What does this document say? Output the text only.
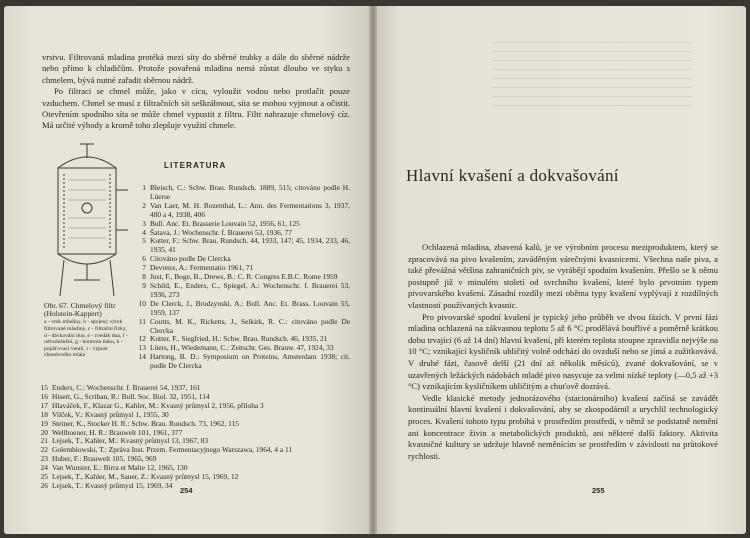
vrstvu. Filtrovaná mladina protéká mezi síty do sběrné trubky a dále do sběrné nádrže nebo přímo k chladičům. Protože povařená mladina nemá zůstat dlouho ve styku s chmelem, bývá nutné zařadit sběrnou nádrž.

Po filtraci se chmel může, jako v cícu, vyloužit vodou nebo protlačit pouze vzduchem. Chmel se musí z filtračních sít seškrábnout, síta se mohou vyjmout a očistit. Otevřením spodního síta se může chmel vypustit z filtru. Filtr nahrazuje chmelový cíz. Má určité výhody a kromě toho zlepšuje využití chmele.

Obr. 67. Chmelový filtr (Holstein-Kappert)
a - vtok mladiny, b - spojený výtok filtrované mladiny, c - filtrační řízky, d - dávkování duo, e - zvedák dna, f - odvzdušnění, g - kontrola tlaku, h - pojišťovací ventil, i - výpust chmelového mláta
LITERATURA
1 Bleisch, C.: Schw. Brau. Rundsch. 1889, 515; citováno podle H. Lüerse
2 Van Laer, M. H. Rozenthal, L.: Ann. des Fermentations 3, 1937, 480 a 4, 1938, 406
3 Bull. Anc. Et. Brasserie Louvain 52, 1956, 61, 125
4 Šatava, J.: Wochenschr. f. Brauerei 53, 1936, 77
5 Kutter, F.: Schw. Brau. Rundsch. 44, 1933, 147; 45, 1934, 233, 46, 1935, 41
6 Citováno podle De Clercka
7 Devreux, A.: Fermentatio 1961, 71
8 Just, F., Boge, B., Drews, B.: C. R. Congres E.B.C. Rome 1959
9 Schild, E., Enders, C., Spiegel, A.: Wochenschr. f. Brauerei 53, 1936, 273
10 De Clerck, J., Brudzynski, A.: Bull. Anc. Et. Brass. Louvain 55, 1959, 137
11 Coutts, M. K., Ricketts, J., Selkirk, R. C.: citováno podle De Clercka
12 Kutter, F., Siegfried, H.: Schw. Brau. Rundsch. 46, 1935, 21
13 Lüers, H., Wiedemann, C.: Zeitschr. Ges. Brauw. 47, 1924, 33
14 Hartong, B. D.: Symposium on Proteins, Amsterdam 1938; cit. podle De Clercka
15 Enders, C.: Wochenschr. f. Brauerei 54, 1937, 161
16 Hisert, G., Scriban, R.: Bull. Soc. Biol. 32, 1951, 114
17 Hlaváček, F., Klazar G., Kahler, M.: Kvasný průmysl 2, 1956, příloha 3
18 Vilček, V.: Kvasný průmysl 1, 1955, 30
19 Steiner, K., Stocker H. R.: Schw. Brau. Rundsch. 73, 1962, 115
20 Wellhoener, H. R.: Brauwelt 101, 1961, 377
21 Lejsek, T., Kahler, M.: Kvasný průmysl 13, 1967, 83
22 Golembiowski, T.: Zpráva Inst. Przem. Fermentacyjnego Warszawa, 1964, 4 a 11
23 Huber, F.: Brauwelt 105, 1965, 969
24 Van Wunster, E.: Birra et Malte 12, 1965, 130
25 Lejsek, T., Kahler, M., Sauer, Z.: Kvasný průmysl 15, 1969, 12
26 Lejsek, T.: Kvasný průmysl 15, 1969, 34
254
Hlavní kvašení a dokvašování

Ochlazená mladina, zbavená kalů, je ve výrobním procesu meziproduktem, který se zpracovává na pivo kvašením, zaváděným várečnými kvasnicemi. Všechna naše piva, a také převážná většina zahraničních piv, se vyrábějí spodním kvašením. Přešlo se k němu postupně již v minulém století od svrchního kvašení, které bylo prvotním typem pivovarského kvašení. Zásadní rozdíly mezi oběma typy kvašení vyplývají z rozdílných vlastností používaných kvasnic.

Pro pivovarské spodní kvašení je typický jeho průběh ve dvou fázích. V první fázi mladina ochlazená na zákvasnou teplotu 5 až 6 °C prodělává bouřlivé a poměrně krátkou dobu trvající (6 až 14 dní) hlavní kvašení, při kterém teplota stoupne zpravidla nejvýše na 10 °C; vznikající kysličník uhličitý volně odchází do ovzduší nebo se jímá a zužitkovává. V druhé fázi, časově delší (21 dní až několik měsíců), zvané dokvašování, se v uzavřených ležáckých nádobách mladé pivo nasycuje za velmi nízké teploty (—0,5 až +3 °C) vznikajícím kysličníkem uhličitým a chuťově dozrává.

Vedle klasické metody jednorázového (stacionárního) kvašení začíná se zavádět kontinuální hlavní kvašení i dokvašování, aby se zkospodárnil a urychlil technologický proces. Kvašení tohoto typu probíhá v prostředím prostředí, v němž se podstatně nemění ani koncentrace živin a metabolických produktů, ani některé další faktory. Aktivita kvasničné kultury se udržuje hlavně neměnícím se prostředím v závislosti na průtokové rychlosti.

255
